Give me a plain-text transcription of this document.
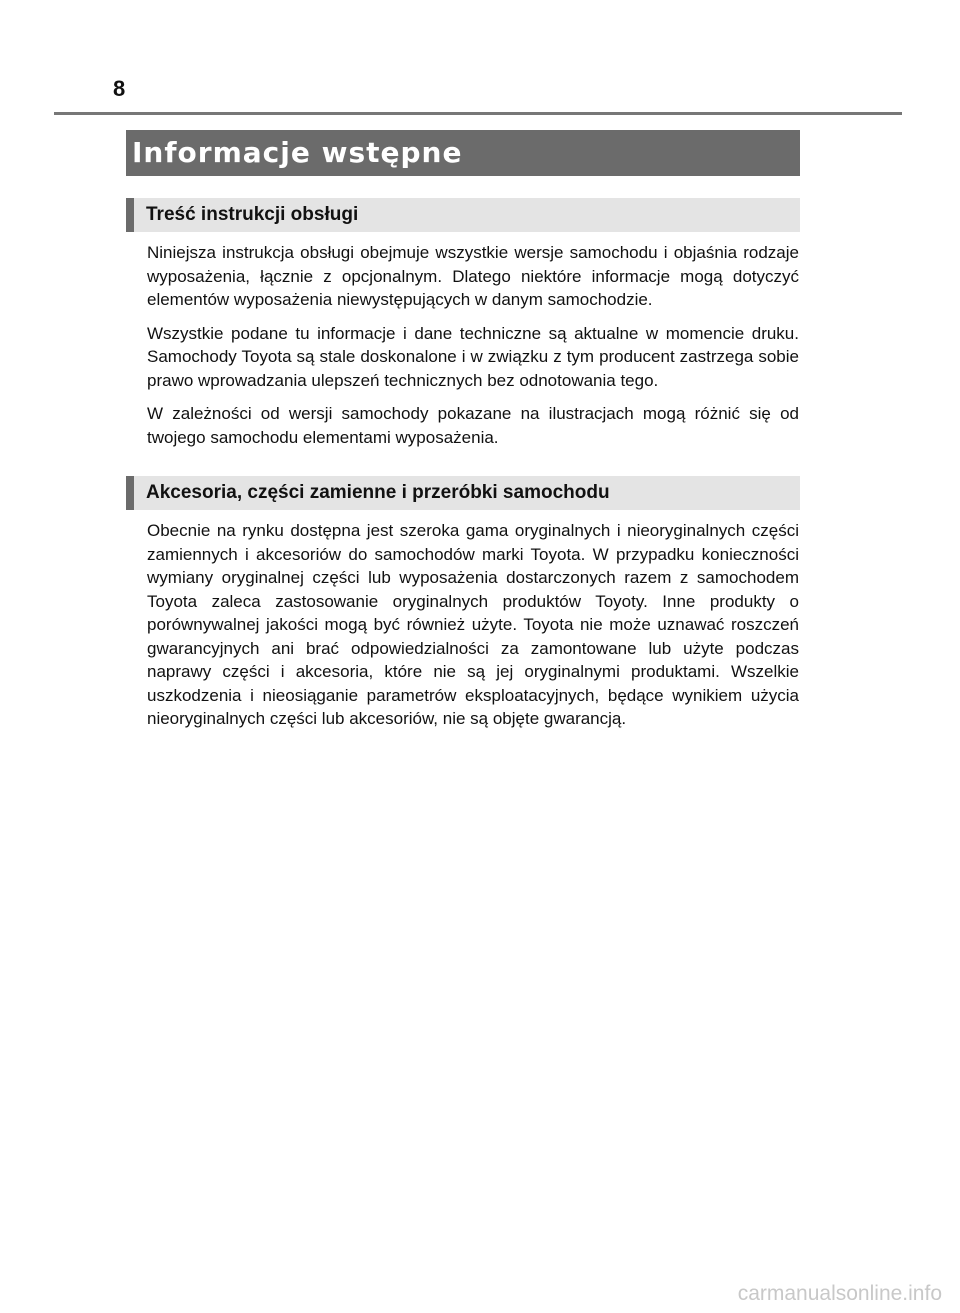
8
Informacje wstępne
Treść instrukcji obsługi

Niniejsza instrukcja obsługi obejmuje wszystkie wersje samochodu i objaśnia rodzaje wyposażenia, łącznie z opcjonalnym. Dlatego niektóre informacje mogą dotyczyć elementów wyposażenia niewystępujących w danym samochodzie.

Wszystkie podane tu informacje i dane techniczne są aktualne w momencie druku. Samochody Toyota są stale doskonalone i w związku z tym producent zastrzega sobie prawo wprowadzania ulepszeń technicznych bez odnotowania tego.

W zależności od wersji samochody pokazane na ilustracjach mogą różnić się od twojego samochodu elementami wyposażenia.

Akcesoria, części zamienne i przeróbki samochodu

Obecnie na rynku dostępna jest szeroka gama oryginalnych i nieoryginalnych części zamiennych i akcesoriów do samochodów marki Toyota. W przypadku konieczności wymiany oryginalnej części lub wyposażenia dostarczonych razem z samochodem Toyota zaleca zastosowanie oryginalnych produktów Toyoty. Inne produkty o porównywalnej jakości mogą być również użyte. Toyota nie może uznawać roszczeń gwarancyjnych ani brać odpowiedzialności za zamontowane lub użyte podczas naprawy części i akcesoria, które nie są jej oryginalnymi produktami. Wszelkie uszkodzenia i nieosiąganie parametrów eksploatacyjnych, będące wynikiem użycia nieoryginalnych części lub akcesoriów, nie są objęte gwarancją.

carmanualsonline.info
